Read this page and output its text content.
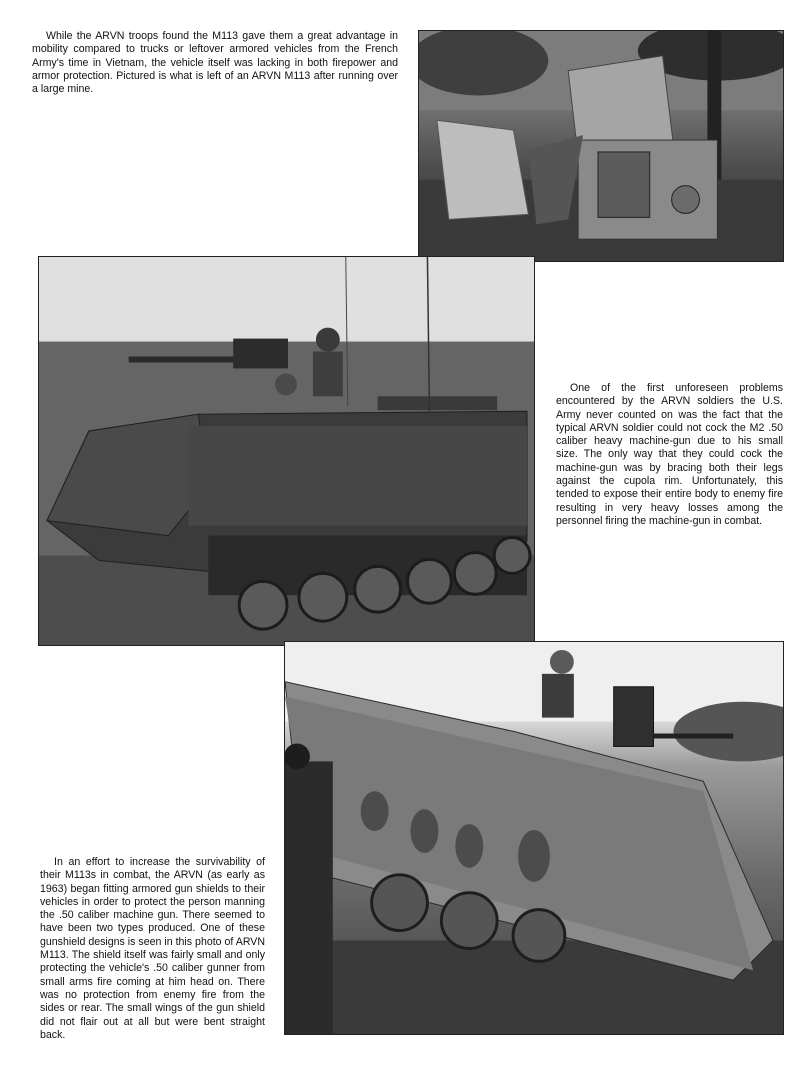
While the ARVN troops found the M113 gave them a great advantage in mobility compared to trucks or leftover armored vehicles from the French Army's time in Vietnam, the vehicle itself was lacking in both firepower and armor protection. Pictured is what is left of an ARVN M113 after running over a large mine.

One of the first unforeseen problems encountered by the ARVN soldiers the U.S. Army never counted on was the fact that the typical ARVN soldier could not cock the M2 .50 caliber heavy machine-gun due to his small size. The only way that they could cock the machine-gun was by bracing both their legs against the cupola rim. Unfortunately, this tended to expose their entire body to enemy fire resulting in very heavy losses among the personnel firing the machine-gun in combat.

In an effort to increase the survivability of their M113s in combat, the ARVN (as early as 1963) began fitting armored gun shields to their vehicles in order to protect the person manning the .50 caliber machine gun. There seemed to have been two types produced. One of these gunshield designs is seen in this photo of ARVN M113. The shield itself was fairly small and only protecting the vehicle's .50 caliber gunner from small arms fire coming at him head on. There was no protection from enemy fire from the sides or rear. The small wings of the gun shield did not flair out at all but were bent straight back.
